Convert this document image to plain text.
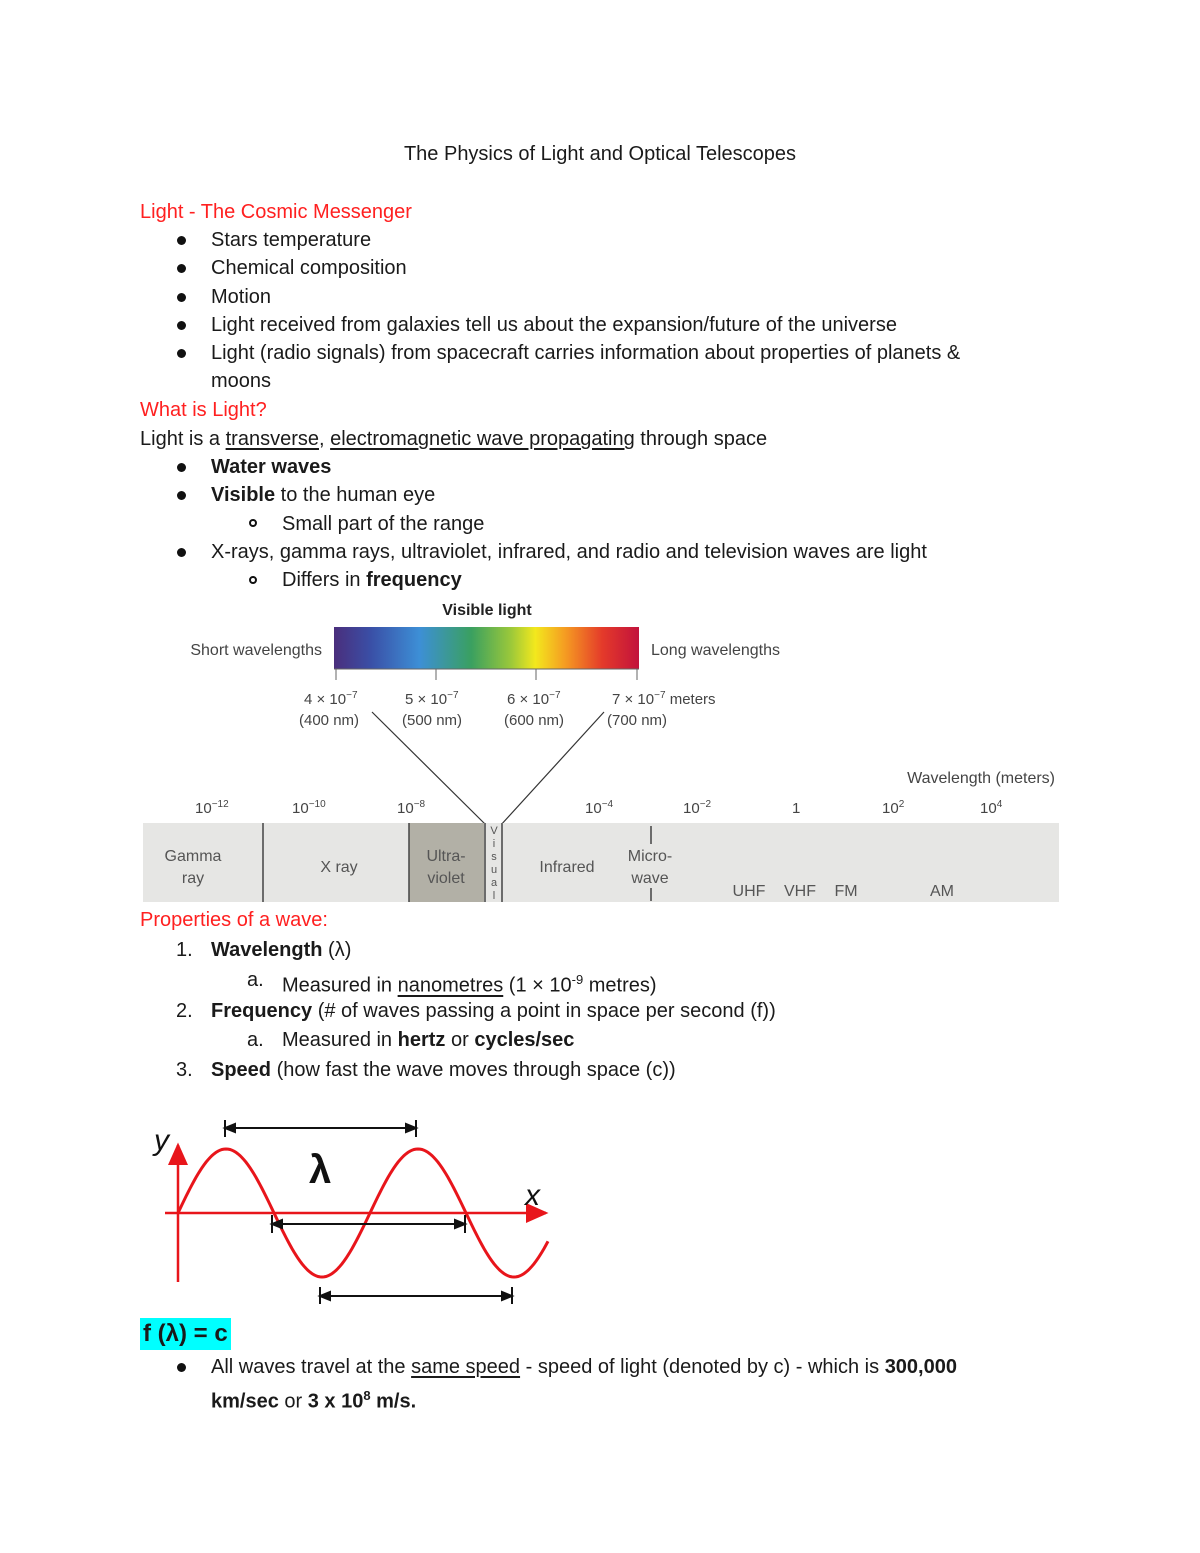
The Physics of Light and Optical Telescopes
Light - The Cosmic Messenger
Stars temperature
Chemical composition
Motion
Light received from galaxies tell us about the expansion/future of the universe
Light (radio signals) from spacecraft carries information about properties of planets &
moons
What is Light?
Light is a transverse, electromagnetic wave propagating through space
Water waves
Visible to the human eye
Small part of the range
X-rays, gamma rays, ultraviolet, infrared, and radio and television waves are light
Differs in frequency
Visible light
Short wavelengths	Long wavelengths
$4 \times 10^{-7}$
(400 nm)
$5 \times 10^{-7}$
(500 nm)
$6 \times 10^{-7}$
(600 nm)
$7 \times 10^{-7}$ meters
(700 nm)
Wavelength (meters)
$10^{-12}$	$10^{-10}$	$10^{-8}$	$10^{-4}$	$10^{-2}$	1	$10^2$	$10^4$
Gamma
ray
X ray
Ultra-
violet
Infrared
Micro-
wave
UHF VHF FM	AM
V
i
s
u
a
l
Properties of a wave:
1. Wavelength (λ)
a. Measured in nanometres ($1 \times 10^{-9}$ metres)
2. Frequency (# of waves passing a point in space per second (f))
a. Measured in hertz or cycles/sec
3. Speed (how fast the wave moves through space (c))
y
x
λ
f (λ) = c
All waves travel at the same speed - speed of light (denoted by c) - which is 300,000
km/sec or 3 x $10^8$ m/s.
